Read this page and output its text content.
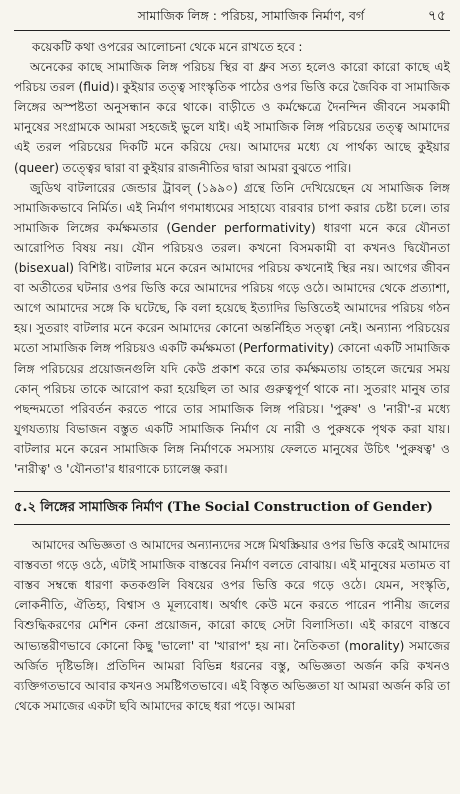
সামাজিক লিঙ্গ : পরিচয়, সামাজিক নির্মাণ, বর্গ	৭৫

কয়েকটি কথা ওপরের আলোচনা থেকে মনে রাখতে হবে :

অনেকের কাছে সামাজিক লিঙ্গ পরিচয় স্থির বা ধ্রুব সত্য হলেও কারো কারো কাছে এই পরিচয় তরল (fluid)। কুইয়ার তত্ত্ব সাংস্কৃতিক পাঠের ওপর ভিত্তি করে জৈবিক বা সামাজিক লিঙ্গের অস্পষ্টতা অনুসন্ধান করে থাকে। বাড়ীতে ও কর্মক্ষেত্রে দৈনন্দিন জীবনে সমকামী মানুষের সংগ্রামকে আমরা সহজেই ভুলে যাই। এই সামাজিক লিঙ্গ পরিচয়ের তত্ত্ব আমাদের এই তরল পরিচয়ের দিকটি মনে করিয়ে দেয়। আমাদের মধ্যে যে পার্থক্য আছে কুইয়ার (queer) তত্ত্বের দ্বারা বা কুইয়ার রাজনীতির দ্বারা আমরা বুঝতে পারি।

জুডিথ বাটলারের জেন্ডার ট্রাবল্ (১৯৯০) গ্রন্থে তিনি দেখিয়েছেন যে সামাজিক লিঙ্গ সামাজিকভাবে নির্মিত। এই নির্মাণ গণমাধ্যমের সাহায্যে বারবার চাপা করার চেষ্টা চলে। তার সামাজিক লিঙ্গের কর্মক্ষমতার (Gender performativity) ধারণা মনে করে যৌনতা আরোপিত বিষয় নয়। যৌন পরিচয়ও তরল। কখনো বিসমকামী বা কখনও দ্বিযৌনতা (bisexual) বিশিষ্ট। বাটলার মনে করেন আমাদের পরিচয় কখনোই স্থির নয়। আগের জীবন বা অতীতের ঘটনার ওপর ভিত্তি করে আমাদের পরিচয় গড়ে ওঠে। আমাদের থেকে প্রত্যাশা, আগে আমাদের সঙ্গে কি ঘটেছে, কি বলা হয়েছে ইত্যাদির ভিত্তিতেই আমাদের পরিচয় গঠন হয়। সুতরাং বাটলার মনে করেন আমাদের কোনো অন্তর্নিহিত সত্ত্বা নেই। অন্যান্য পরিচয়ের মতো সামাজিক লিঙ্গ পরিচয়ও একটি কর্মক্ষমতা (Performativity) কোনো একটি সামাজিক লিঙ্গ পরিচয়ের প্রয়োজনগুলি যদি কেউ প্রকাশ করে তার কর্মক্ষমতায় তাহলে জন্মের সময় কোন্ পরিচয় তাকে আরোপ করা হয়েছিল তা আর গুরুত্বপূর্ণ থাকে না। সুতরাং মানুষ তার পছন্দমতো পরিবর্তন করতে পারে তার সামাজিক লিঙ্গ পরিচয়। 'পুরুষ' ও 'নারী'-র মধ্যে যুগযত্যায় বিভাজন বস্তুত একটি সামাজিক নির্মাণ যে নারী ও পুরুষকে পৃথক করা যায়। বাটলার মনে করেন সামাজিক লিঙ্গ নির্মাণকে সমস্যায় ফেলতে মানুষের উচিৎ 'পুরুষত্ব' ও 'নারীত্ব' ও 'যৌনতা'র ধারণাকে চ্যালেঞ্জ করা।

৫.২ লিঙ্গের সামাজিক নির্মাণ (The Social Construction of Gender)

আমাদের অভিজ্ঞতা ও আমাদের অন্যান্যদের সঙ্গে মিথস্ক্রিয়ার ওপর ভিত্তি করেই আমাদের বাস্তবতা গড়ে ওঠে, এটাই সামাজিক বাস্তবের নির্মাণ বলতে বোঝায়। এই মানুষের মতামত বা বাস্তব সম্বন্ধে ধারণা কতকগুলি বিষয়ের ওপর ভিত্তি করে গড়ে ওঠে। যেমন, সংস্কৃতি, লোকনীতি, ঐতিহ্য, বিশ্বাস ও মূল্যবোধ। অর্থাৎ কেউ মনে করতে পারেন পানীয় জলের বিশুদ্ধিকরণের মেশিন কেনা প্রয়োজন, কারো কাছে সেটা বিলাসিতা। এই কারণে বাস্তবে আভ্যন্তরীণভাবে কোনো কিছু 'ভালো' বা 'খারাপ' হয় না। নৈতিকতা (morality) সমাজের অর্জিত দৃষ্টিভঙ্গি। প্রতিদিন আমরা বিভিন্ন ধরনের বস্তু, অভিজ্ঞতা অর্জন করি কখনও ব্যক্তিগতভাবে আবার কখনও সমষ্টিগতভাবে। এই বিস্তৃত অভিজ্ঞতা যা আমরা অর্জন করি তা থেকে সমাজের একটা ছবি আমাদের কাছে ধরা পড়ে। আমরা
